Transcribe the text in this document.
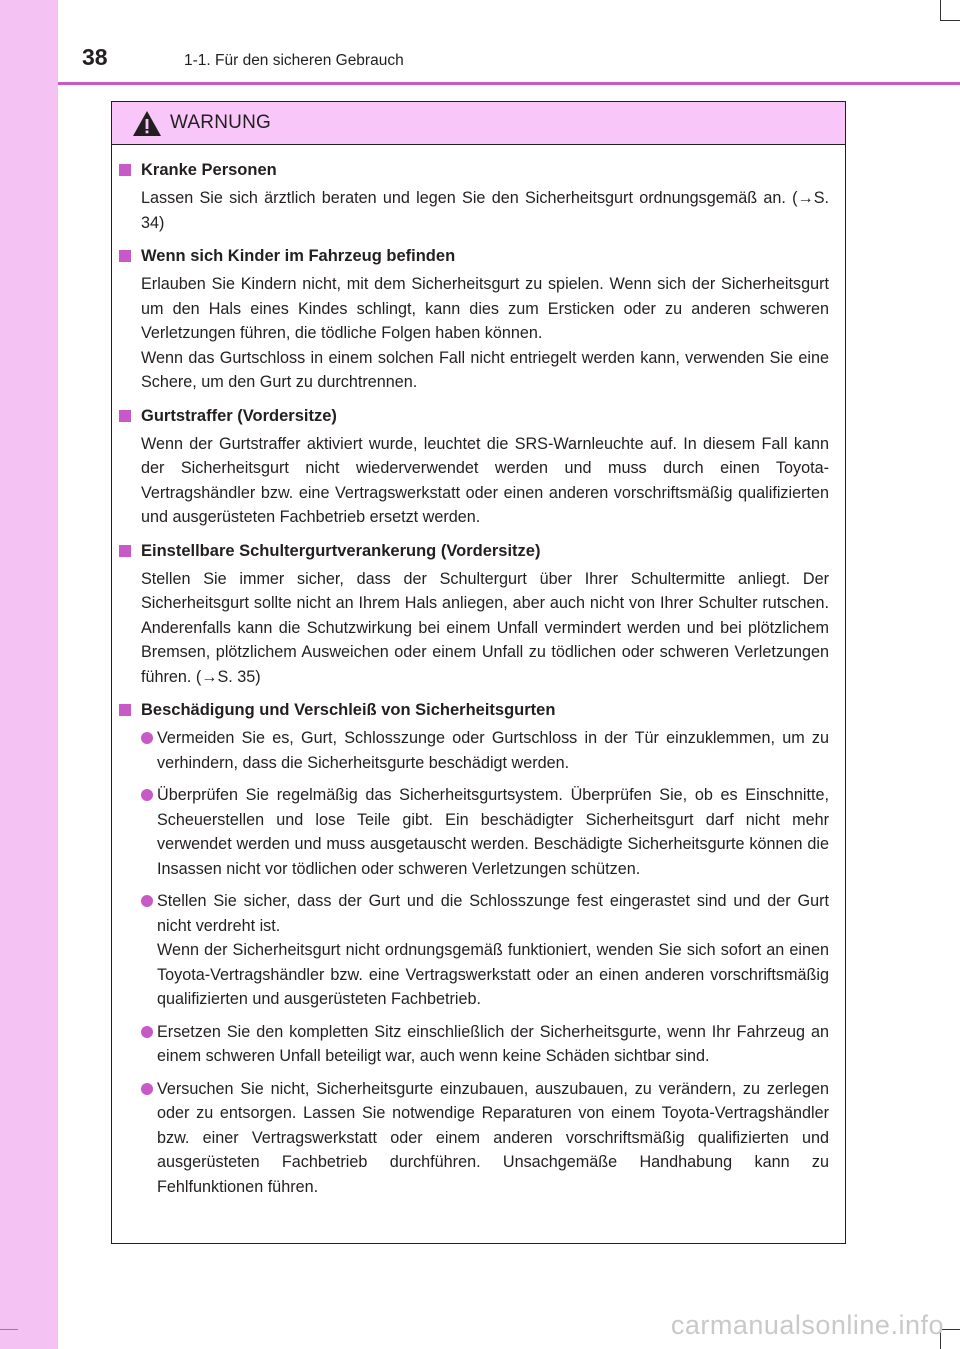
38	1-1. Für den sicheren Gebrauch
WARNUNG
Kranke Personen
Lassen Sie sich ärztlich beraten und legen Sie den Sicherheitsgurt ordnungsgemäß an. (→S. 34)
Wenn sich Kinder im Fahrzeug befinden
Erlauben Sie Kindern nicht, mit dem Sicherheitsgurt zu spielen. Wenn sich der Sicherheitsgurt um den Hals eines Kindes schlingt, kann dies zum Ersticken oder zu anderen schweren Verletzungen führen, die tödliche Folgen haben können.
Wenn das Gurtschloss in einem solchen Fall nicht entriegelt werden kann, verwenden Sie eine Schere, um den Gurt zu durchtrennen.
Gurtstraffer (Vordersitze)
Wenn der Gurtstraffer aktiviert wurde, leuchtet die SRS-Warnleuchte auf. In diesem Fall kann der Sicherheitsgurt nicht wiederverwendet werden und muss durch einen Toyota-Vertragshändler bzw. eine Vertragswerkstatt oder einen anderen vorschriftsmäßig qualifizierten und ausgerüsteten Fachbetrieb ersetzt werden.
Einstellbare Schultergurtverankerung (Vordersitze)
Stellen Sie immer sicher, dass der Schultergurt über Ihrer Schultermitte anliegt. Der Sicherheitsgurt sollte nicht an Ihrem Hals anliegen, aber auch nicht von Ihrer Schulter rutschen. Anderenfalls kann die Schutzwirkung bei einem Unfall vermindert werden und bei plötzlichem Bremsen, plötzlichem Ausweichen oder einem Unfall zu tödlichen oder schweren Verletzungen führen. (→S. 35)
Beschädigung und Verschleiß von Sicherheitsgurten
Vermeiden Sie es, Gurt, Schlosszunge oder Gurtschloss in der Tür einzuklemmen, um zu verhindern, dass die Sicherheitsgurte beschädigt werden.
Überprüfen Sie regelmäßig das Sicherheitsgurtsystem. Überprüfen Sie, ob es Einschnitte, Scheuerstellen und lose Teile gibt. Ein beschädigter Sicherheitsgurt darf nicht mehr verwendet werden und muss ausgetauscht werden. Beschädigte Sicherheitsgurte können die Insassen nicht vor tödlichen oder schweren Verletzungen schützen.
Stellen Sie sicher, dass der Gurt und die Schlosszunge fest eingerastet sind und der Gurt nicht verdreht ist.
Wenn der Sicherheitsgurt nicht ordnungsgemäß funktioniert, wenden Sie sich sofort an einen Toyota-Vertragshändler bzw. eine Vertragswerkstatt oder an einen anderen vorschriftsmäßig qualifizierten und ausgerüsteten Fachbetrieb.
Ersetzen Sie den kompletten Sitz einschließlich der Sicherheitsgurte, wenn Ihr Fahrzeug an einem schweren Unfall beteiligt war, auch wenn keine Schäden sichtbar sind.
Versuchen Sie nicht, Sicherheitsgurte einzubauen, auszubauen, zu verändern, zu zerlegen oder zu entsorgen. Lassen Sie notwendige Reparaturen von einem Toyota-Vertragshändler bzw. einer Vertragswerkstatt oder einem anderen vorschriftsmäßig qualifizierten und ausgerüsteten Fachbetrieb durchführen. Unsachgemäße Handhabung kann zu Fehlfunktionen führen.
carmanualsonline.info
